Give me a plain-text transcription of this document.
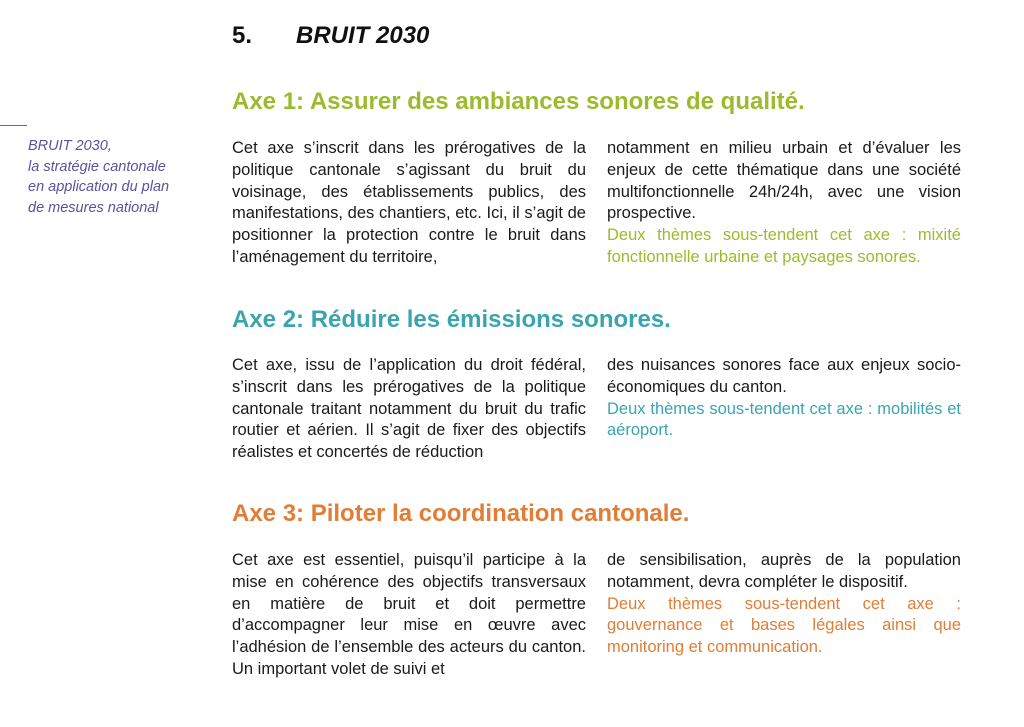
BRUIT 2030,
la stratégie cantonale
en application du plan
de mesures national
5. BRUIT 2030
Axe 1: Assurer des ambiances sonores de qualité.

Cet axe s’inscrit dans les prérogatives de la politique cantonale s’agissant du bruit du voisinage, des établissements publics, des manifestations, des chantiers, etc. Ici, il s’agit de positionner la protection contre le bruit dans l’aménagement du territoire,

notamment en milieu urbain et d’évaluer les enjeux de cette thématique dans une société multifonctionnelle 24h/24h, avec une vision prospective.

Deux thèmes sous-tendent cet axe : mixité fonctionnelle urbaine et paysages sonores.

Axe 2: Réduire les émissions sonores.

Cet axe, issu de l’application du droit fédéral, s’inscrit dans les prérogatives de la politique cantonale traitant notamment du bruit du trafic routier et aérien. Il s’agit de fixer des objectifs réalistes et concertés de réduction

des nuisances sonores face aux enjeux socio-économiques du canton.

Deux thèmes sous-tendent cet axe : mobilités et aéroport.

Axe 3: Piloter la coordination cantonale.

Cet axe est essentiel, puisqu’il participe à la mise en cohérence des objectifs transversaux en matière de bruit et doit permettre d’accompagner leur mise en œuvre avec l’adhésion de l’ensemble des acteurs du canton. Un important volet de suivi et

de sensibilisation, auprès de la population notamment, devra compléter le dispositif.

Deux thèmes sous-tendent cet axe : gouvernance et bases légales ainsi que monitoring et communication.
